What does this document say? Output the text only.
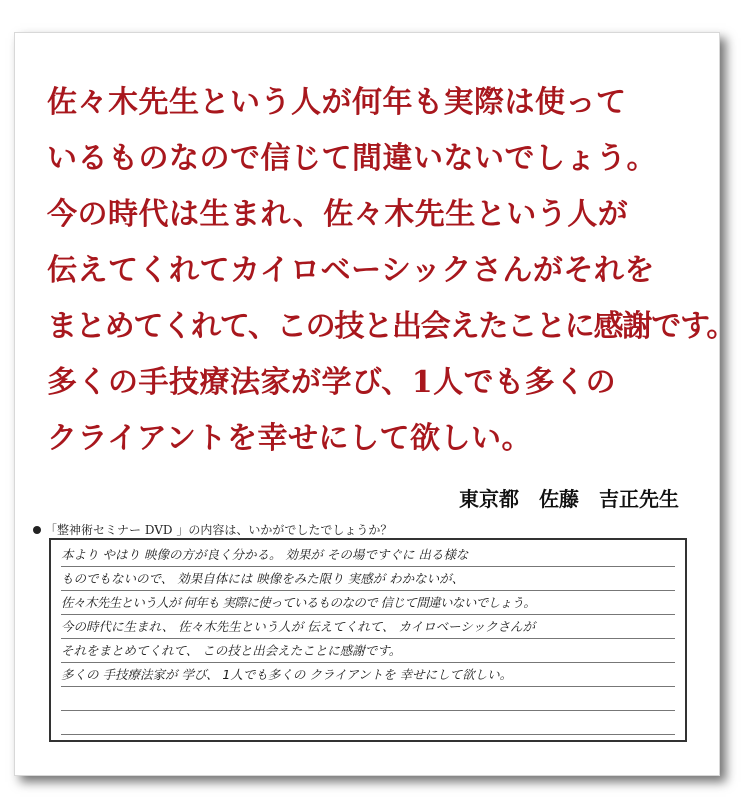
佐々木先生という人が何年も実際は使って
いるものなので信じて間違いないでしょう。
今の時代は生まれ、佐々木先生という人が
伝えてくれてカイロベーシックさんがそれを
まとめてくれて、この技と出会えたことに感謝です。
多くの手技療法家が学び、1人でも多くの
クライアントを幸せにして欲しい。
東京都 佐藤 吉正先生
「整神術セミナー DVD 」の内容は、いかがでしたでしょうか？
本より やはり 映像の方が良く分かる。 効果が その場ですぐに 出る様な
ものでもないので、 効果自体には 映像をみた限り 実感が わかないが、
佐々木先生という人が 何年も 実際に使っているものなので 信じて間違いないでしょう。
今の時代に生まれ、 佐々木先生という人が 伝えてくれて、 カイロベーシックさんが
それをまとめてくれて、 この技と出会えたことに感謝です。
多くの 手技療法家が 学び、 1人でも多くの クライアントを 幸せにして欲しい。
